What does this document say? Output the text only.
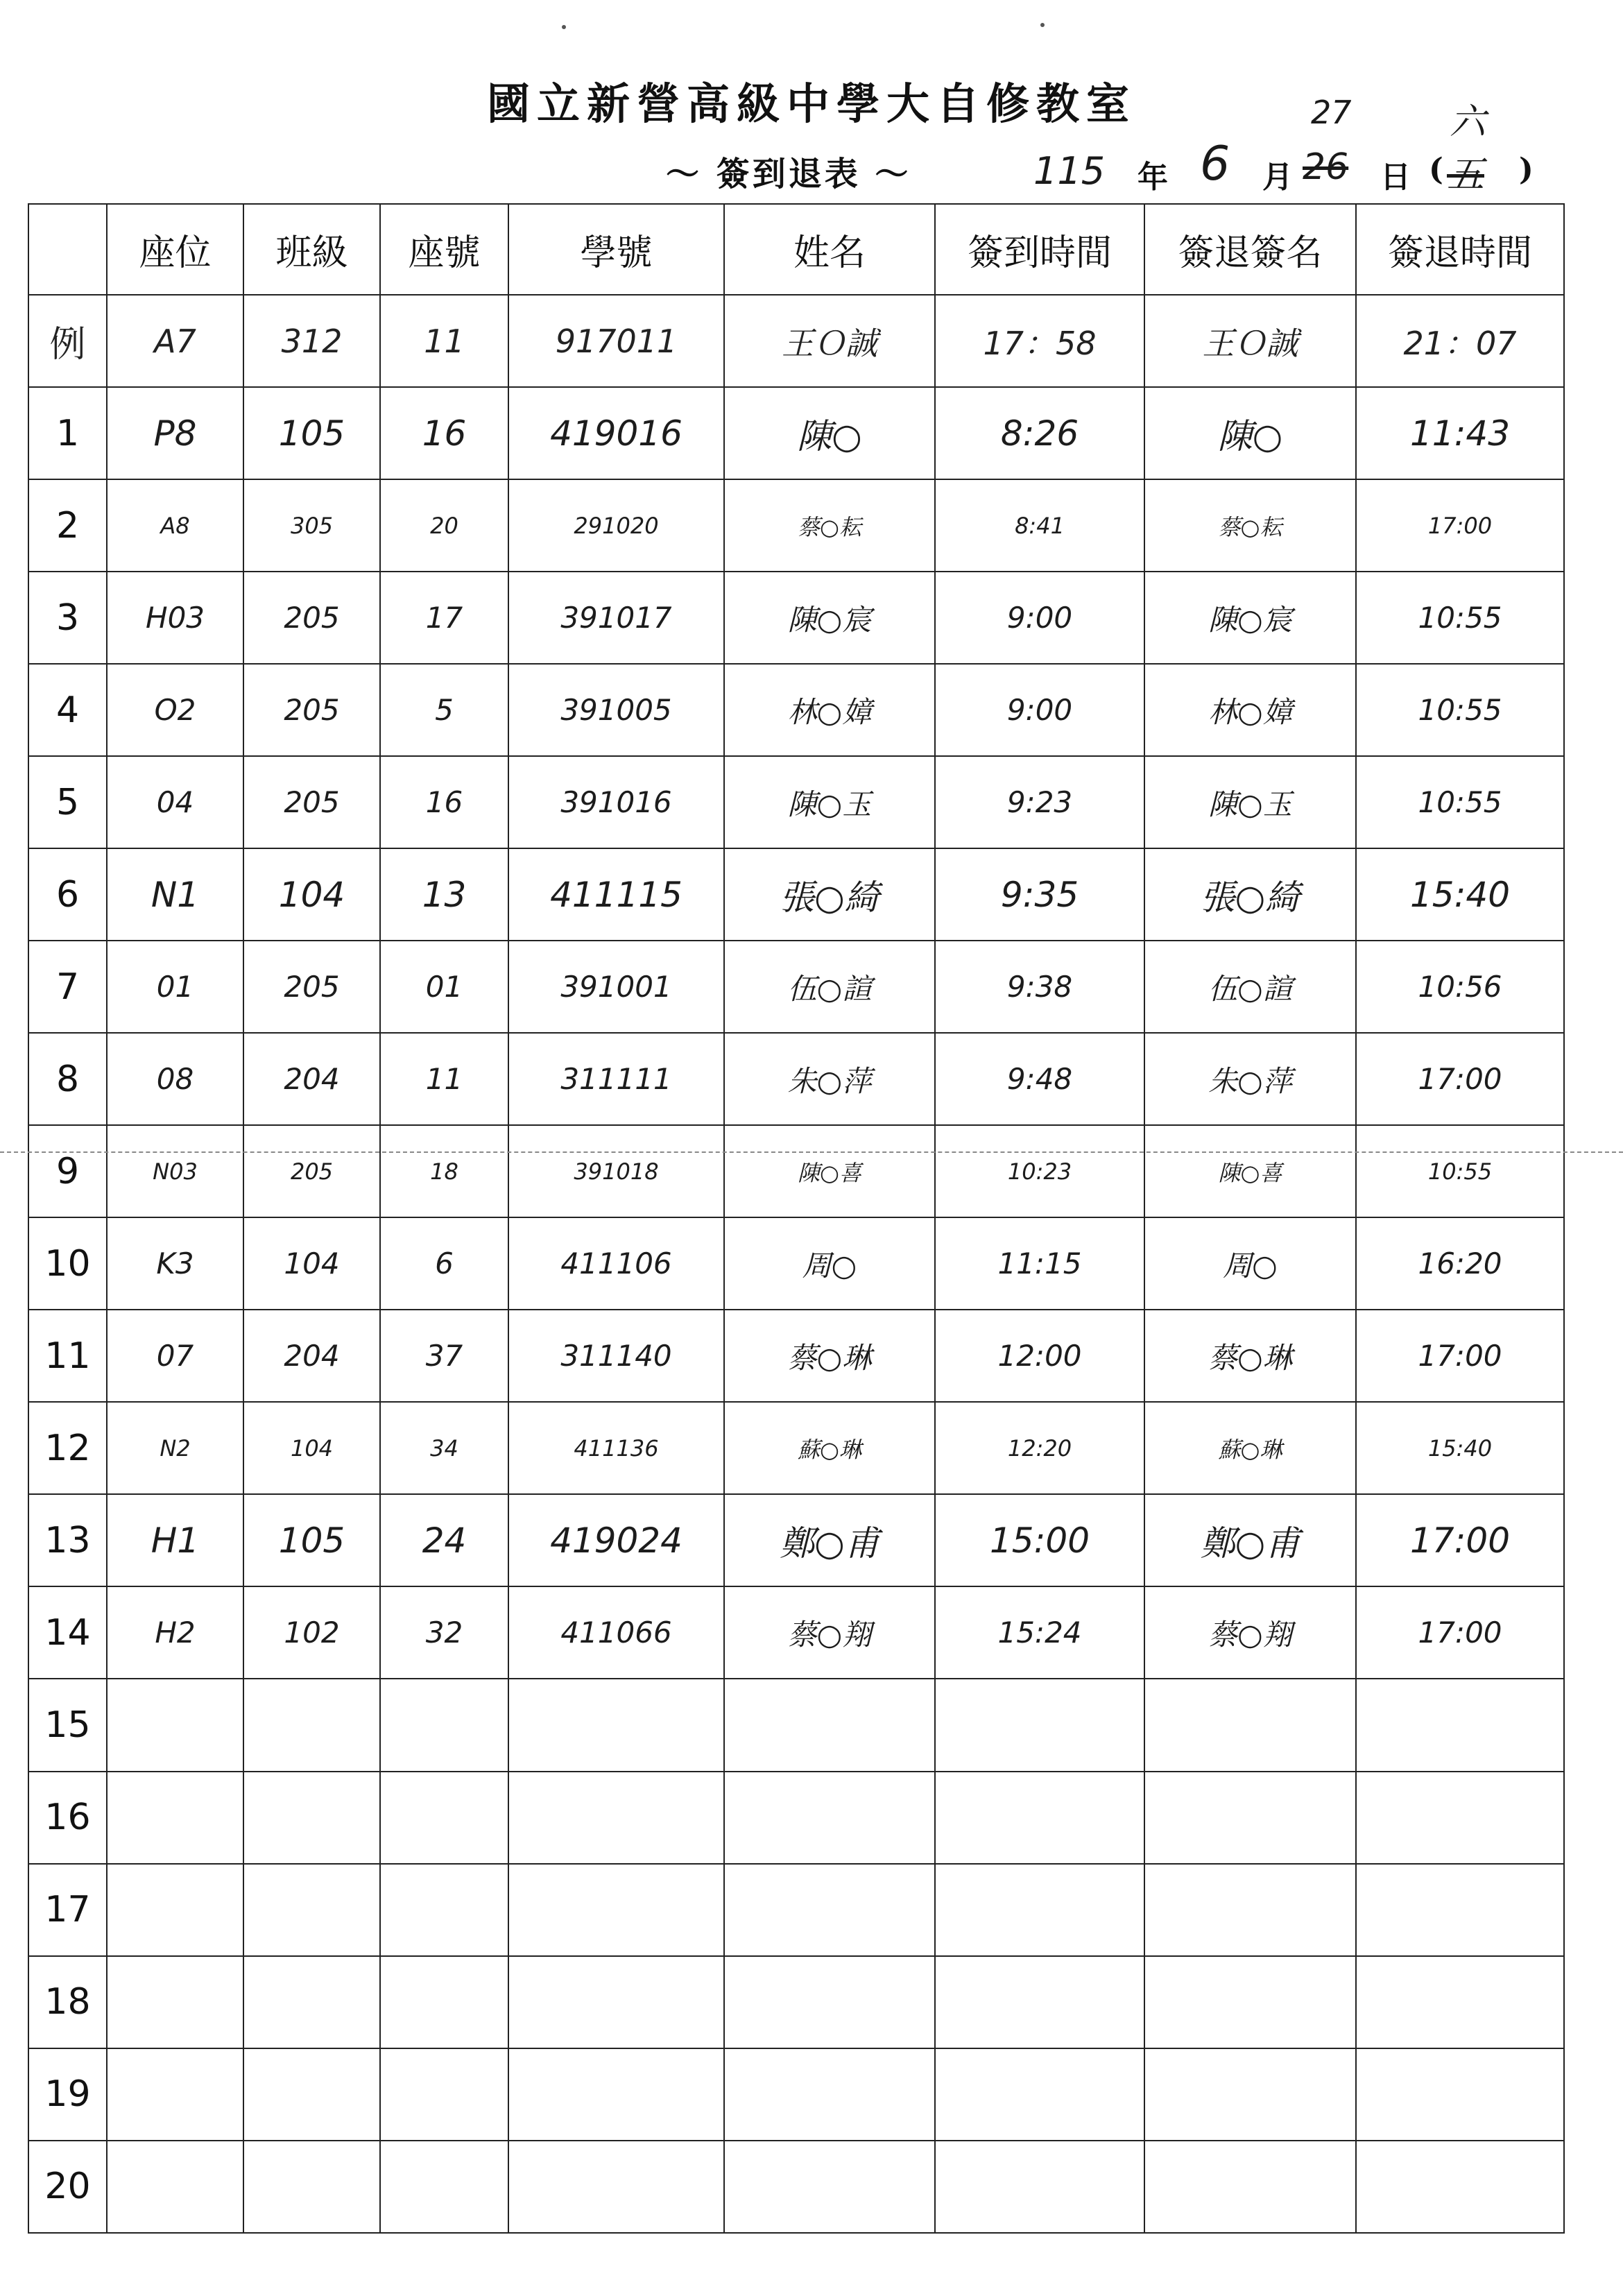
國立新營高級中學大自修教室
～ 簽到退表 ～	115 年 6 月
27
26 日 (
六
五 )
	座位	班級	座號	學號	姓名	簽到時間	簽退簽名	簽退時間
例	A7	312	11	917011	王Ｏ誠	17：58	王Ｏ誠	21：07
1	P8	105	16	419016	陳○	8:26	陳○	11:43
2	A8	305	20	291020	蔡○耘	8:41	蔡○耘	17:00
3	H03	205	17	391017	陳○宸	9:00	陳○宸	10:55
4	O2	205	5	391005	林○嫜	9:00	林○嫜	10:55
5	04	205	16	391016	陳○玉	9:23	陳○玉	10:55
6	N1	104	13	411115	張○綺	9:35	張○綺	15:40
7	01	205	01	391001	伍○諠	9:38	伍○諠	10:56
8	08	204	11	311111	朱○萍	9:48	朱○萍	17:00
9	N03	205	18	391018	陳○喜	10:23	陳○喜	10:55
10	K3	104	6	411106	周○	11:15	周○	16:20
11	07	204	37	311140	蔡○琳	12:00	蔡○琳	17:00
12	N2	104	34	411136	蘇○琳	12:20	蘇○琳	15:40
13	H1	105	24	419024	鄭○甫	15:00	鄭○甫	17:00
14	H2	102	32	411066	蔡○翔	15:24	蔡○翔	17:00
15								
16								
17								
18								
19								
20								
